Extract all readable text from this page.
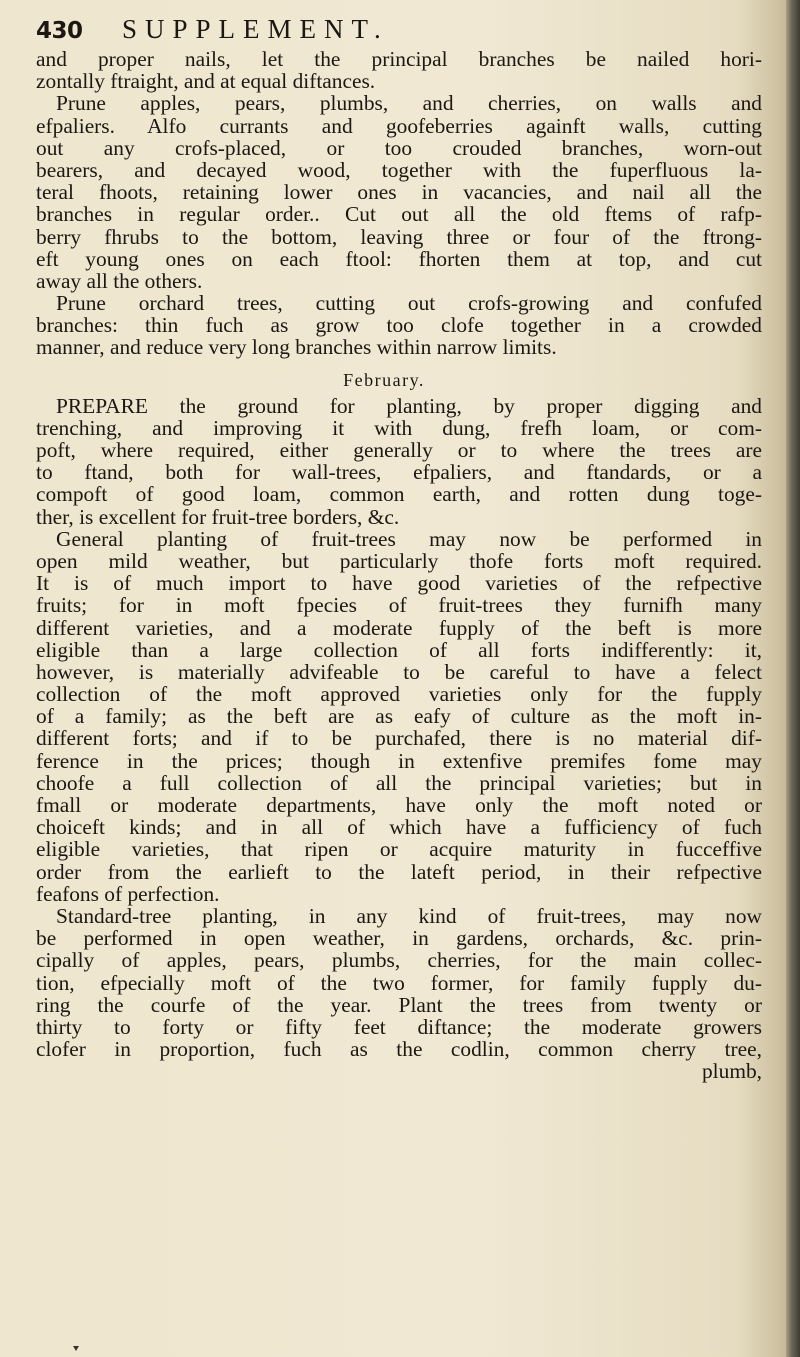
430	SUPPLEMENT.
and proper nails, let the principal branches be nailed hori-
zontally ftraight, and at equal diftances.
Prune apples, pears, plumbs, and cherries, on walls and
efpaliers. Alfo currants and goofeberries againft walls, cutting
out any crofs-placed, or too crouded branches, worn-out
bearers, and decayed wood, together with the fuperfluous la-
teral fhoots, retaining lower ones in vacancies, and nail all the
branches in regular order.. Cut out all the old ftems of rafp-
berry fhrubs to the bottom, leaving three or four of the ftrong-
eft young ones on each ftool: fhorten them at top, and cut
away all the others.
Prune orchard trees, cutting out crofs-growing and confufed
branches: thin fuch as grow too clofe together in a crowded
manner, and reduce very long branches within narrow limits.
February.
PREPARE the ground for planting, by proper digging and
trenching, and improving it with dung, frefh loam, or com-
poft, where required, either generally or to where the trees are
to ftand, both for wall-trees, efpaliers, and ftandards, or a
compoft of good loam, common earth, and rotten dung toge-
ther, is excellent for fruit-tree borders, &c.
General planting of fruit-trees may now be performed in
open mild weather, but particularly thofe forts moft required.
It is of much import to have good varieties of the refpective
fruits; for in moft fpecies of fruit-trees they furnifh many
different varieties, and a moderate fupply of the beft is more
eligible than a large collection of all forts indifferently: it,
however, is materially advifeable to be careful to have a felect
collection of the moft approved varieties only for the fupply
of a family; as the beft are as eafy of culture as the moft in-
different forts; and if to be purchafed, there is no material dif-
ference in the prices; though in extenfive premifes fome may
choofe a full collection of all the principal varieties; but in
fmall or moderate departments, have only the moft noted or
choiceft kinds; and in all of which have a fufficiency of fuch
eligible varieties, that ripen or acquire maturity in fucceffive
order from the earlieft to the lateft period, in their refpective
feafons of perfection.
Standard-tree planting, in any kind of fruit-trees, may now
be performed in open weather, in gardens, orchards, &c. prin-
cipally of apples, pears, plumbs, cherries, for the main collec-
tion, efpecially moft of the two former, for family fupply du-
ring the courfe of the year. Plant the trees from twenty or
thirty to forty or fifty feet diftance; the moderate growers
clofer in proportion, fuch as the codlin, common cherry tree,
plumb,
